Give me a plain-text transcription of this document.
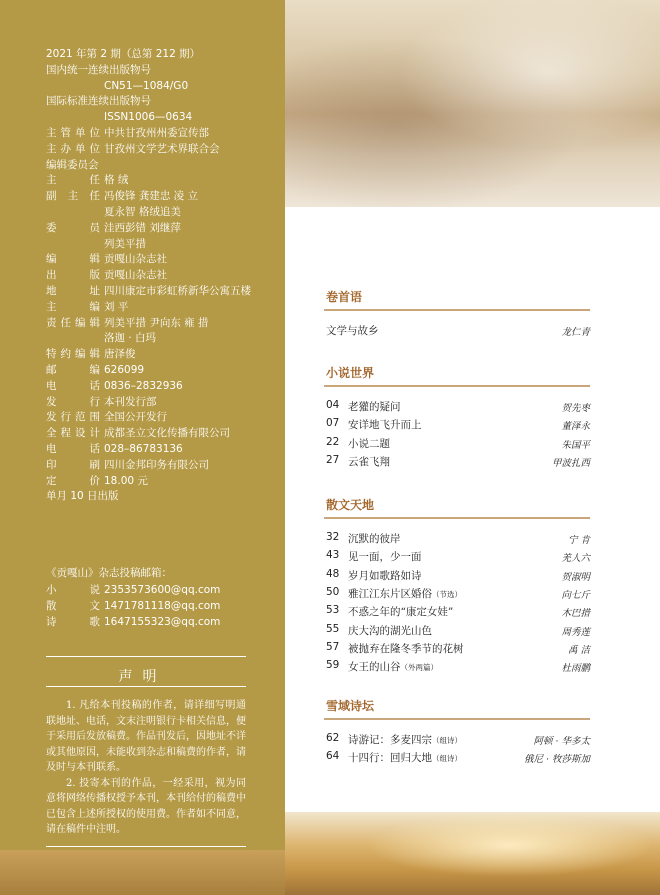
2021 年第 2 期（总第 212 期）
国内统一连续出版物号
CN51—1084/G0
国际标准连续出版物号
ISSN1006—0634
主管单位 中共甘孜州州委宣传部
主办单位 甘孜州文学艺术界联合会
编辑委员会
主 任 格 绒
副主任 冯俊锋 龚建忠 凌 立
夏永智 格绒追美
委 员 洼西彭错 刘继萍
列美平措
编 辑 贡嘎山杂志社
出 版 贡嘎山杂志社
地 址 四川康定市彩虹桥新华公寓五楼
主 编 刘 平
责任编辑 列美平措 尹向东 雍 措
洛迦 · 白玛
特约编辑 唐泽俊
邮 编 626099
电 话 0836–2832936
发 行 本刊发行部
发行范围 全国公开发行
全程设计 成都圣立文化传播有限公司
电 话 028–86783136
印 刷 四川金邦印务有限公司
定 价 18.00 元
单月 10 日出版
《贡嘎山》杂志投稿邮箱：
小 说 2353573600@qq.com
散 文 1471781118@qq.com
诗 歌 1647155323@qq.com
声明

1. 凡给本刊投稿的作者，请详细写明通联地址、电话，文末注明银行卡相关信息，便于采用后发放稿费。作品刊发后，因地址不详或其他原因，未能收到杂志和稿费的作者，请及时与本刊联系。

2. 投寄本刊的作品，一经采用，视为同意将网络传播权授予本刊，本刊给付的稿费中已包含上述所授权的使用费。作者如不同意，请在稿件中注明。

卷首语
文学与故乡	龙仁青
小说世界
04 老獾的疑问	贺先枣
07 安详地飞升而上	董泽永
22 小说二题	朱国平
27 云雀飞翔	甲波扎西
散文天地
32 沉默的彼岸	宁 肯
43 见一面，少一面	羌人六
48 岁月如歌路如诗	贺淑明
50 雅江江东片区婚俗（节选）	向七斤
53 不惑之年的“康定女娃”	木巴措
55 庆大沟的湖光山色	周秀莲
57 被抛弃在隆冬季节的花树	禹 洁
59 女王的山谷（外两篇）	杜雨鹏
雪域诗坛
62 诗游记：多麦四宗（组诗）	阿顿 · 华多太
64 十四行：回归大地（组诗）	俄尼 · 牧莎斯加
